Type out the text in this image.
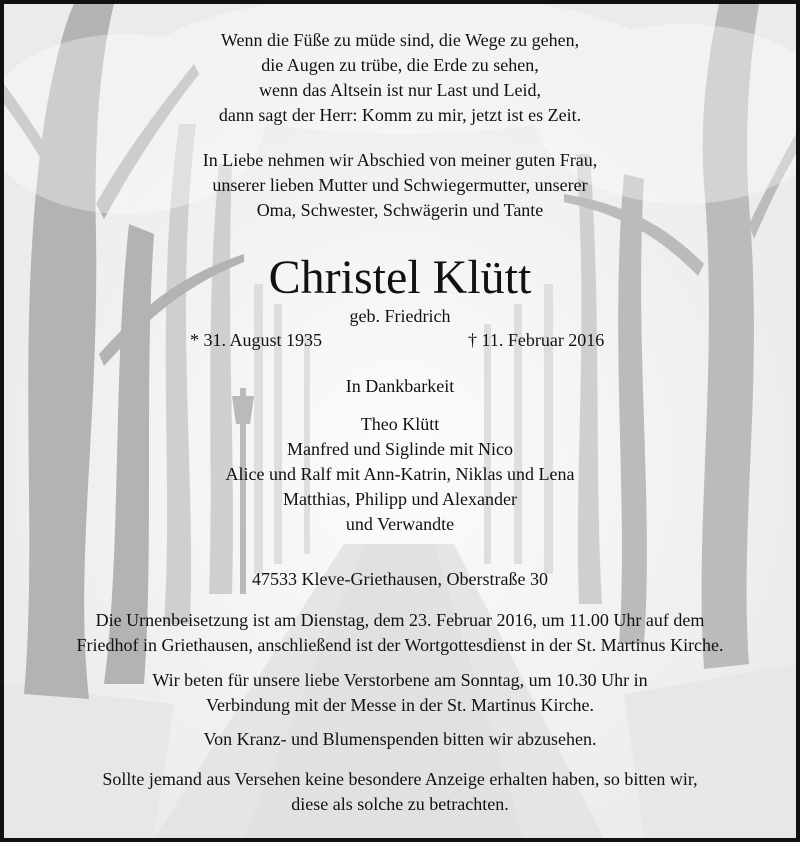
Wenn die Füße zu müde sind, die Wege zu gehen,
die Augen zu trübe, die Erde zu sehen,
wenn das Altsein ist nur Last und Leid,
dann sagt der Herr: Komm zu mir, jetzt ist es Zeit.
In Liebe nehmen wir Abschied von meiner guten Frau,
unserer lieben Mutter und Schwiegermutter, unserer
Oma, Schwester, Schwägerin und Tante
Christel Klütt
geb. Friedrich
* 31. August 1935	† 11. Februar 2016
In Dankbarkeit
Theo Klütt
Manfred und Siglinde mit Nico
Alice und Ralf mit Ann-Katrin, Niklas und Lena
Matthias, Philipp und Alexander
und Verwandte
47533 Kleve-Griethausen, Oberstraße 30
Die Urnenbeisetzung ist am Dienstag, dem 23. Februar 2016, um 11.00 Uhr auf dem
Friedhof in Griethausen, anschließend ist der Wortgottesdienst in der St. Martinus Kirche.
Wir beten für unsere liebe Verstorbene am Sonntag, um 10.30 Uhr in
Verbindung mit der Messe in der St. Martinus Kirche.
Von Kranz- und Blumenspenden bitten wir abzusehen.
Sollte jemand aus Versehen keine besondere Anzeige erhalten haben, so bitten wir,
diese als solche zu betrachten.
